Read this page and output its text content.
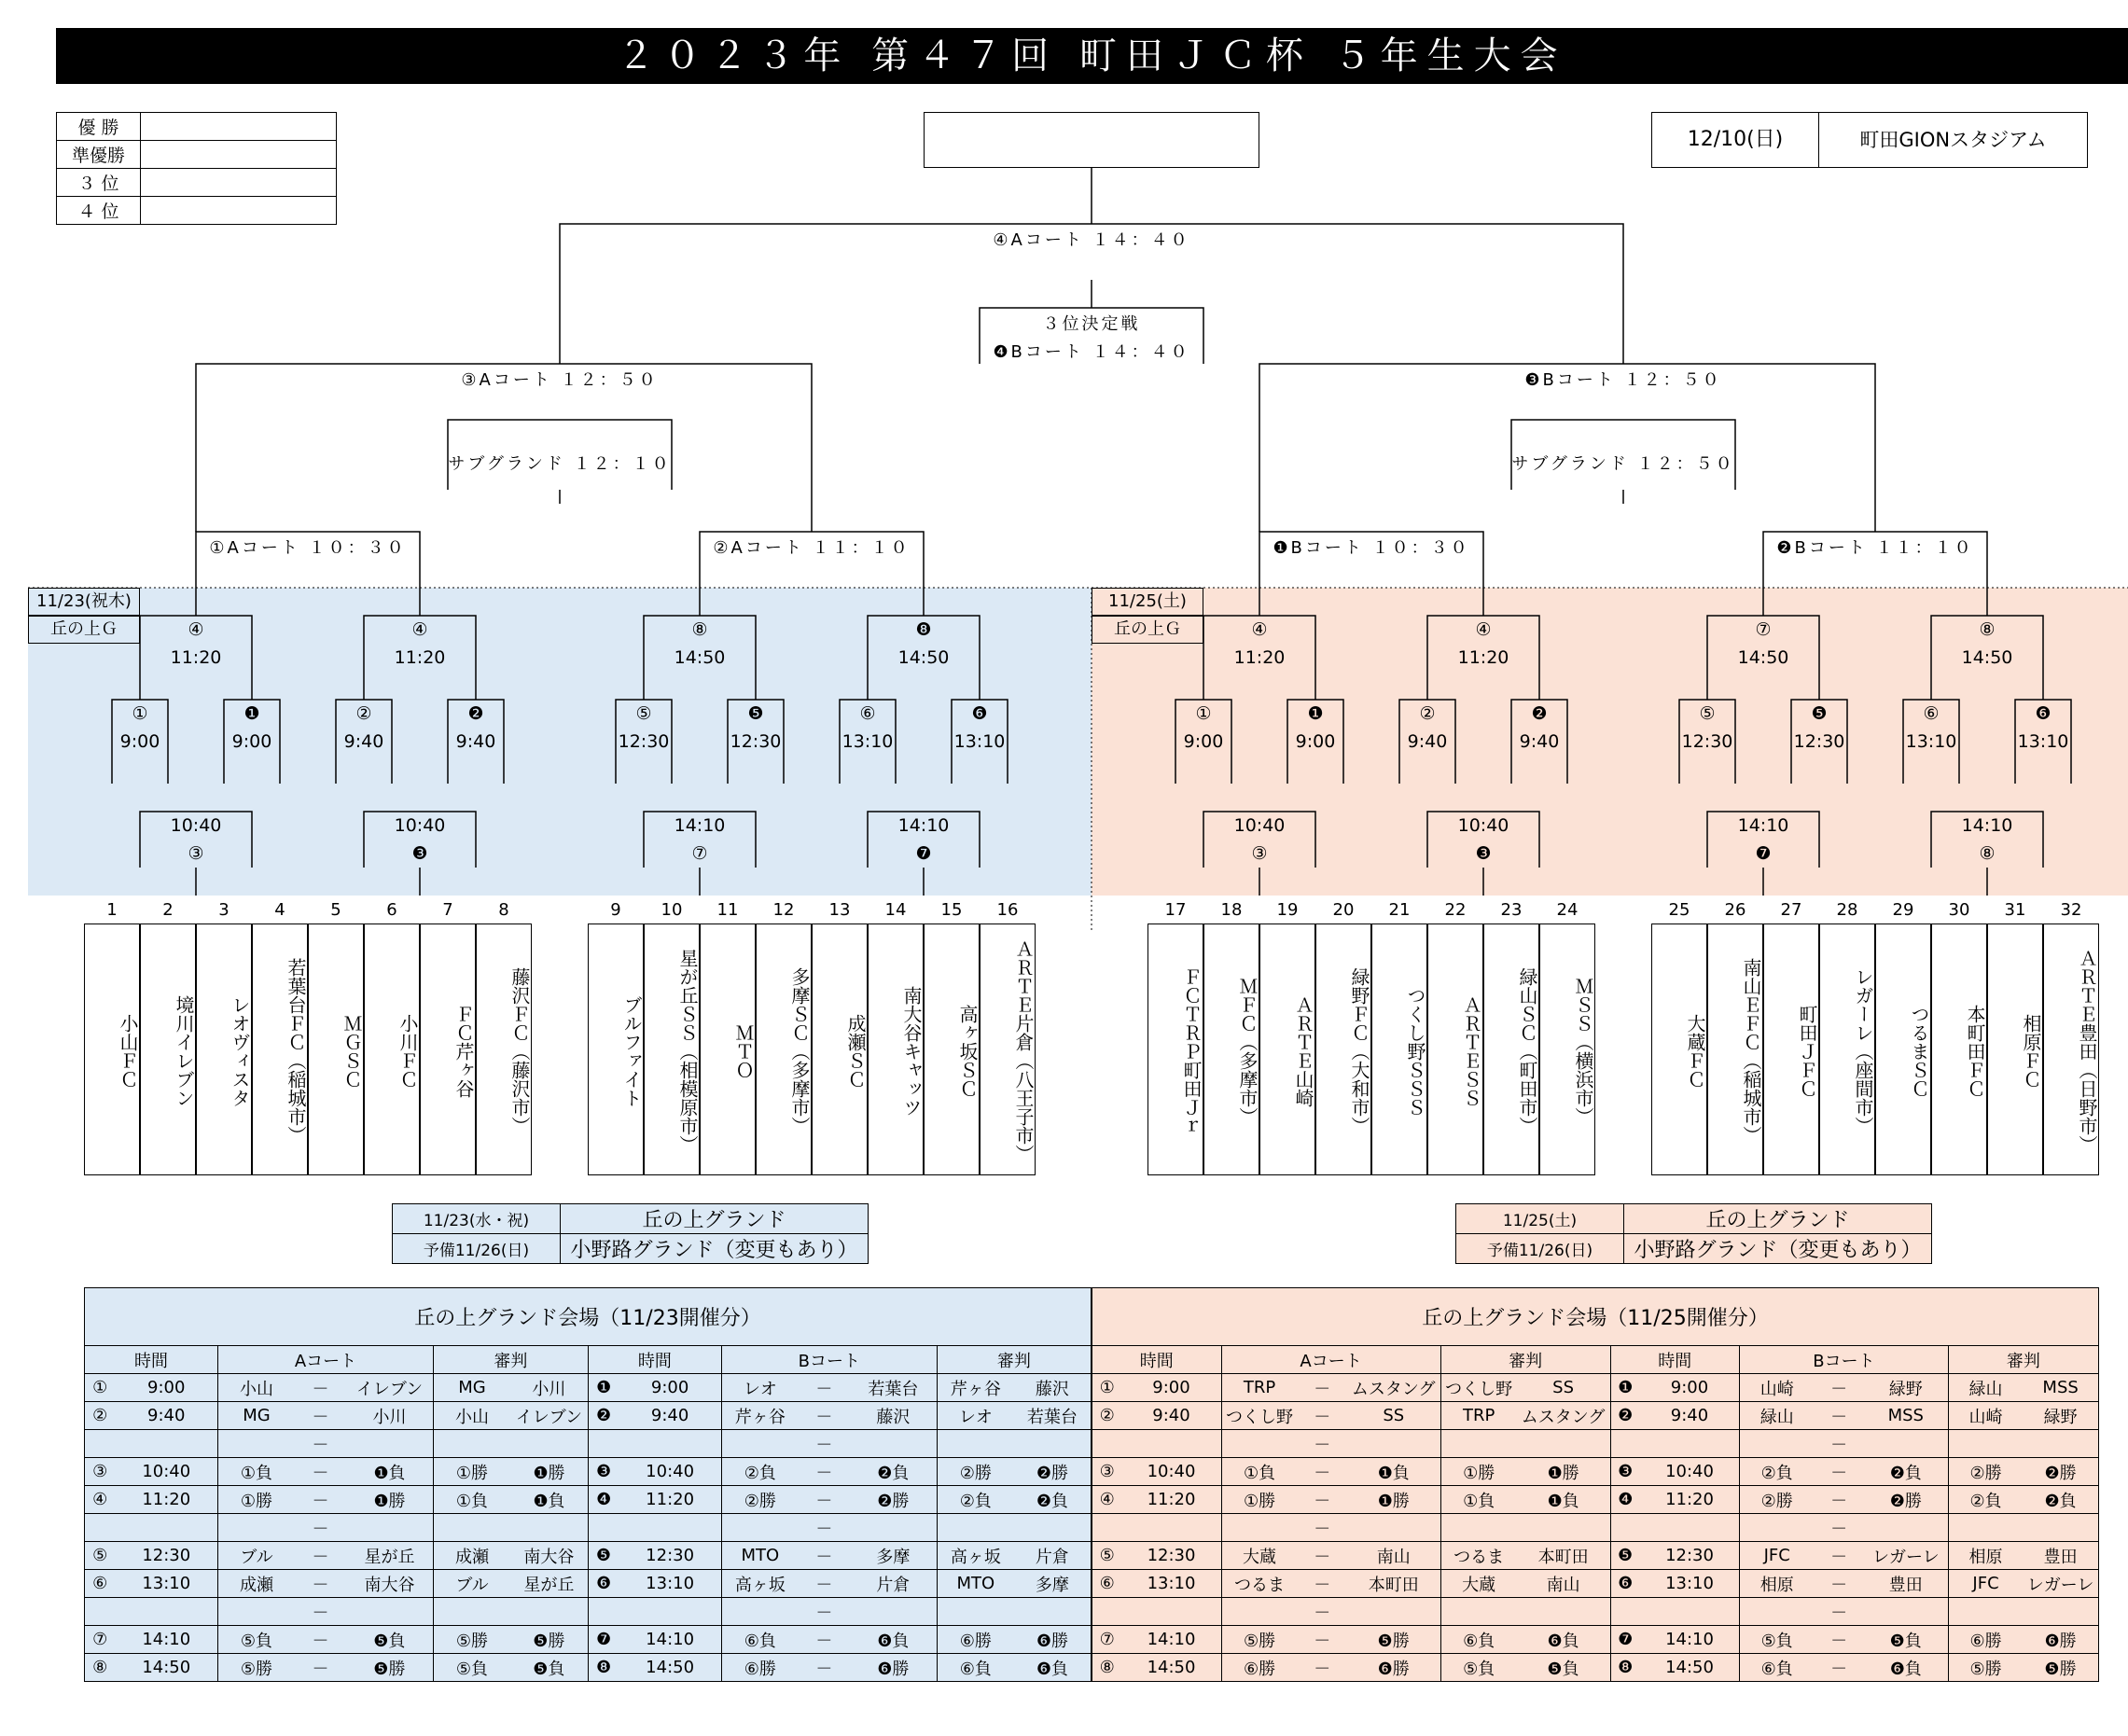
２０２３年 第４７回 町田ＪＣ杯 ５年生大会
優 勝	
準優勝	
３ 位	
４ 位	
12/10(日)	町田GIONスタジアム
④Aコート １４：４０
３位決定戦
❹Bコート １４：４０
③Aコート １２：５０	❸Bコート １２：５０
サブグランド １２：１０	サブグランド １２：５０
①Aコート １０：３０	②Aコート １１：１０	❶Bコート １０：３０	❷Bコート １１：１０
11/23(祝木)
丘の上Ｇ
11/25(土)
丘の上Ｇ
④
11:20
④
11:20
⑧
14:50
❽
14:50
④
11:20
④
11:20
⑦
14:50
⑧
14:50
①
9:00
❶
9:00
②
9:40
❷
9:40
⑤
12:30
❺
12:30
⑥
13:10
❻
13:10
①
9:00
❶
9:00
②
9:40
❷
9:40
⑤
12:30
❺
12:30
⑥
13:10
❻
13:10
10:40
③
10:40
❸
14:10
⑦
14:10
❼
10:40
③
10:40
❸
14:10
❼
14:10
⑧
1
小山ＦＣ
2
境川イレブン
3
レオヴィスタ
4
若葉台ＦＣ（稲城市）
5
ＭＧＳＣ
6
小川ＦＣ
7
ＦＣ芹ヶ谷
8
藤沢ＦＣ（藤沢市）
9
ブルファイト
10
星が丘ＳＳ（相模原市）
11
ＭＴＯ
12
多摩ＳＣ（多摩市）
13
成瀬ＳＣ
14
南大谷キャッツ
15
高ヶ坂ＳＣ
16
ＡＲＴＥ片倉（八王子市）
17
ＦＣＴＲＰ町田Ｊｒ
18
ＭＦＣ（多摩市）
19
ＡＲＴＥ山崎
20
緑野ＦＣ（大和市）
21
つくし野ＳＳＳ
22
ＡＲＴＥＳＳ
23
緑山ＳＣ（町田市）
24
ＭＳＳ（横浜市）
25
大蔵ＦＣ
26
南山ＥＦＣ（稲城市）
27
町田ＪＦＣ
28
レガーレ（座間市）
29
つるまＳＣ
30
本町田ＦＣ
31
相原ＦＣ
32
ＡＲＴＥ豊田（日野市）
11/23(水・祝)	丘の上グランド
予備11/26(日)	小野路グランド（変更もあり）
11/25(土)	丘の上グランド
予備11/26(日)	小野路グランド（変更もあり）
丘の上グランド会場（11/23開催分）													
時間		Aコート			審判		時間		Bコート			審判	
①	9:00	小山	－	イレブン	MG	小川	❶	9:00	レオ	－	若葉台	芹ヶ谷	藤沢
②	9:40	MG	－	小川	小山	イレブン	❷	9:40	芹ヶ谷	－	藤沢	レオ	若葉台
			－							－			
③	10:40	①負	－	❶負	①勝	❶勝	❸	10:40	②負	－	❷負	②勝	❷勝
④	11:20	①勝	－	❶勝	①負	❶負	❹	11:20	②勝	－	❷勝	②負	❷負
			－							－			
⑤	12:30	ブル	－	星が丘	成瀬	南大谷	❺	12:30	MTO	－	多摩	高ヶ坂	片倉
⑥	13:10	成瀬	－	南大谷	ブル	星が丘	❻	13:10	高ヶ坂	－	片倉	MTO	多摩
			－							－			
⑦	14:10	⑤負	－	❺負	⑤勝	❺勝	❼	14:10	⑥負	－	❻負	⑥勝	❻勝
⑧	14:50	⑤勝	－	❺勝	⑤負	❺負	❽	14:50	⑥勝	－	❻勝	⑥負	❻負
丘の上グランド会場（11/25開催分）													
時間		Aコート			審判		時間		Bコート			審判	
①	9:00	TRP	－	ムスタング	つくし野	SS	❶	9:00	山崎	－	緑野	緑山	MSS
②	9:40	つくし野	－	SS	TRP	ムスタング	❷	9:40	緑山	－	MSS	山崎	緑野
			－							－			
③	10:40	①負	－	❶負	①勝	❶勝	❸	10:40	②負	－	❷負	②勝	❷勝
④	11:20	①勝	－	❶勝	①負	❶負	❹	11:20	②勝	－	❷勝	②負	❷負
			－							－			
⑤	12:30	大蔵	－	南山	つるま	本町田	❺	12:30	JFC	－	レガーレ	相原	豊田
⑥	13:10	つるま	－	本町田	大蔵	南山	❻	13:10	相原	－	豊田	JFC	レガーレ
			－							－			
⑦	14:10	⑤勝	－	❺勝	⑥負	❻負	❼	14:10	⑤負	－	❺負	⑥勝	❻勝
⑧	14:50	⑥勝	－	❻勝	⑤負	❺負	❽	14:50	⑥負	－	❻負	⑤勝	❺勝
